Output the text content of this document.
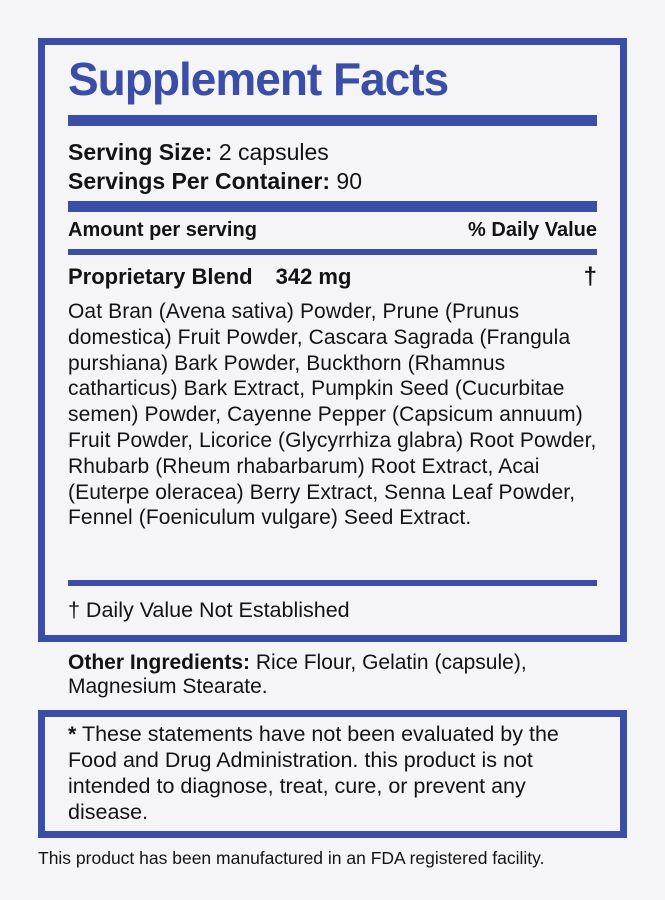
Supplement Facts
Serving Size: 2 capsules
Servings Per Container: 90
Amount per serving	% Daily Value
Proprietary Blend 342 mg	†

Oat Bran (Avena sativa) Powder, Prune (Prunus domestica) Fruit Powder, Cascara Sagrada (Frangula purshiana) Bark Powder, Buckthorn (Rhamnus catharticus) Bark Extract, Pumpkin Seed (Cucurbitae semen) Powder, Cayenne Pepper (Capsicum annuum) Fruit Powder, Licorice (Glycyrrhiza glabra) Root Powder, Rhubarb (Rheum rhabarbarum) Root Extract, Acai (Euterpe oleracea) Berry Extract, Senna Leaf Powder, Fennel (Foeniculum vulgare) Seed Extract.

† Daily Value Not Established

Other Ingredients: Rice Flour, Gelatin (capsule), Magnesium Stearate.

* These statements have not been evaluated by the Food and Drug Administration. this product is not intended to diagnose, treat, cure, or prevent any disease.
This product has been manufactured in an FDA registered facility.
